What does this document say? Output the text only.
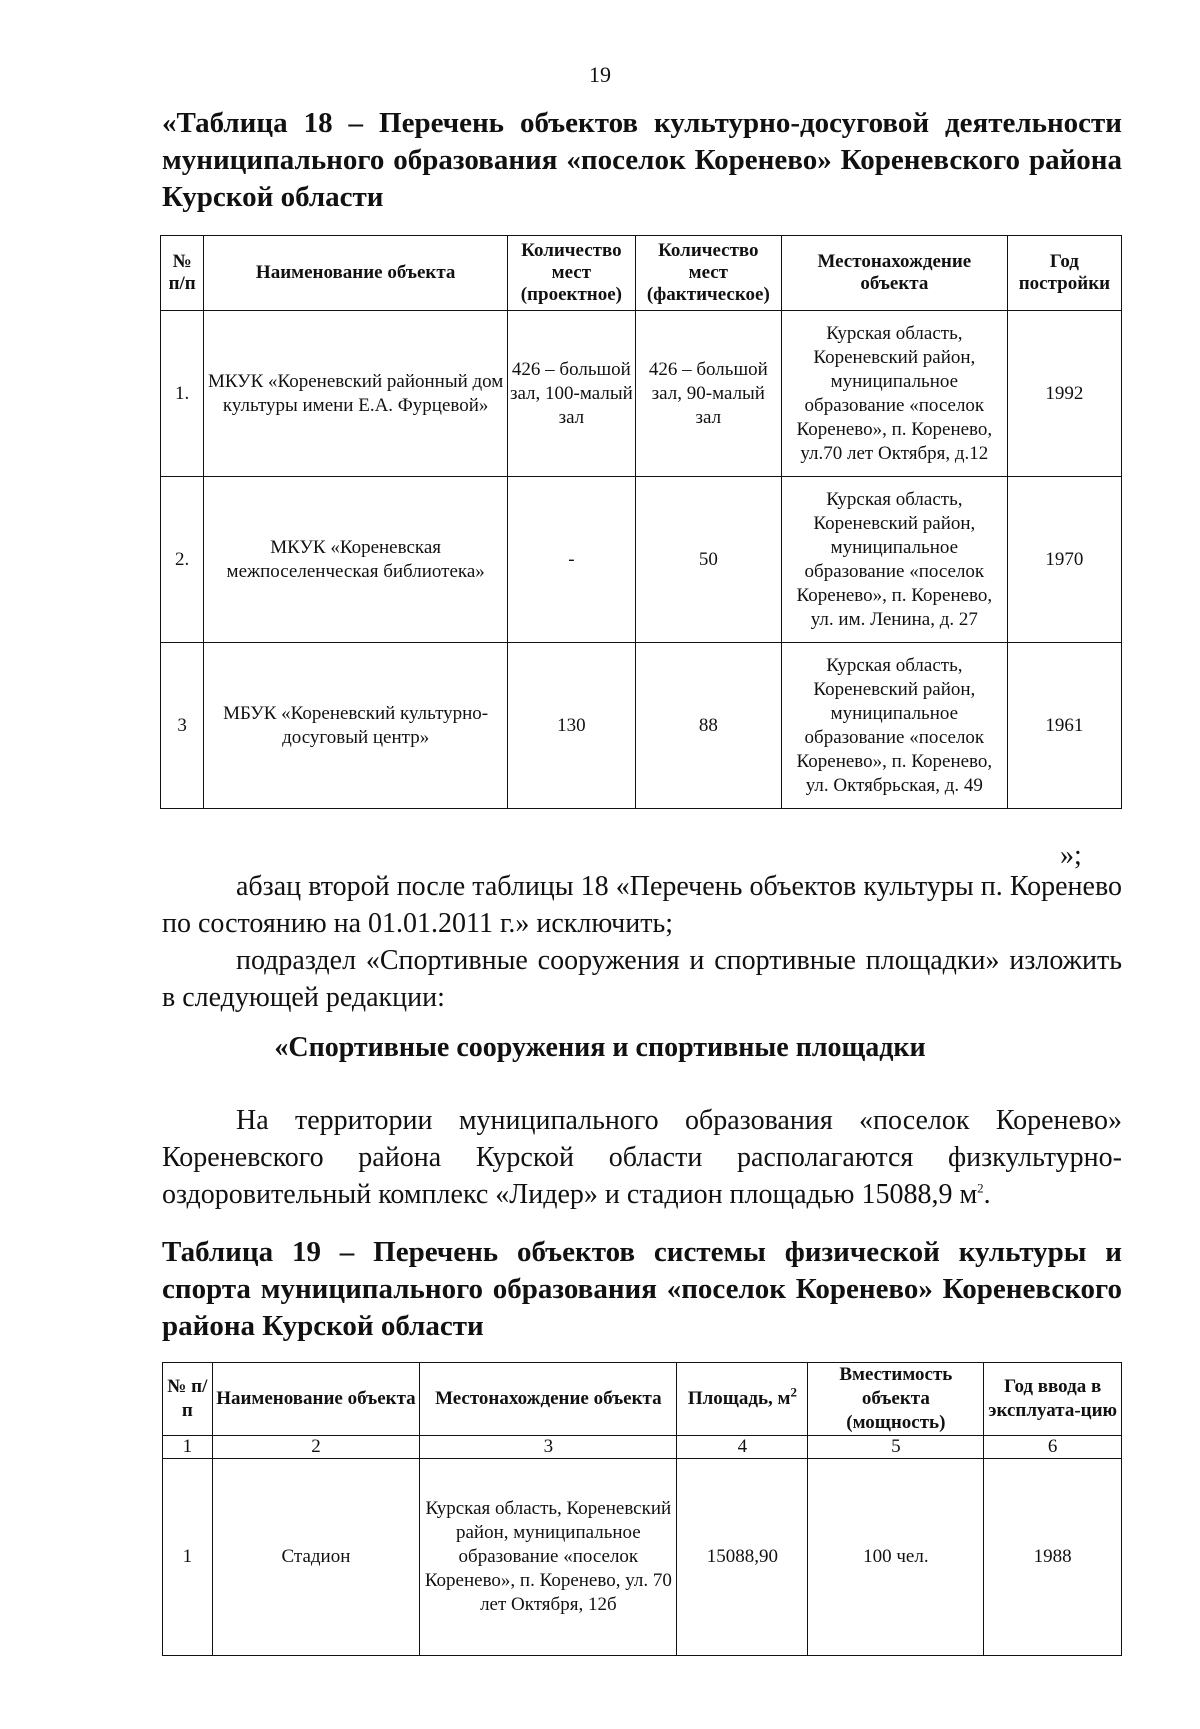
19
«Таблица 18 – Перечень объектов культурно-досуговой деятельности муниципального образования «поселок Коренево» Кореневского района Курской области
№ п/п	Наименование объекта	Количество мест (проектное)	Количество мест (фактическое)	Местонахождение объекта	Год постройки
1.	МКУК «Кореневский районный дом культуры имени Е.А. Фурцевой»	426 – большой зал, 100-малый зал	426 – большой зал, 90-малый зал	Курская область, Кореневский район, муниципальное образование «поселок Коренево», п. Коренево, ул.70 лет Октября, д.12	1992
2.	МКУК «Кореневская межпоселенческая библиотека»	-	50	Курская область, Кореневский район, муниципальное образование «поселок Коренево», п. Коренево, ул. им. Ленина, д. 27	1970
3	МБУК «Кореневский культурно-досуговый центр»	130	88	Курская область, Кореневский район, муниципальное образование «поселок Коренево», п. Коренево, ул. Октябрьская, д. 49	1961
»;
абзац второй после таблицы 18 «Перечень объектов культуры п. Коренево по состоянию на 01.01.2011 г.» исключить;
подраздел «Спортивные сооружения и спортивные площадки» изложить в следующей редакции:
«Спортивные сооружения и спортивные площадки
На территории муниципального образования «поселок Коренево» Кореневского района Курской области располагаются физкультурно-оздоровительный комплекс «Лидер» и стадион площадью 15088,9 $м^2$.
Таблица 19 – Перечень объектов системы физической культуры и спорта муниципального образования «поселок Коренево» Кореневского района Курской области
№ п/п	Наименование объекта	Местонахождение объекта	Площадь, $м^2$	Вместимость объекта (мощность)	Год ввода в эксплуата-цию
1	2	3	4	5	6
1	Стадион	Курская область, Кореневский район, муниципальное образование «поселок Коренево», п. Коренево, ул. 70 лет Октября, 12б	15088,90	100 чел.	1988
